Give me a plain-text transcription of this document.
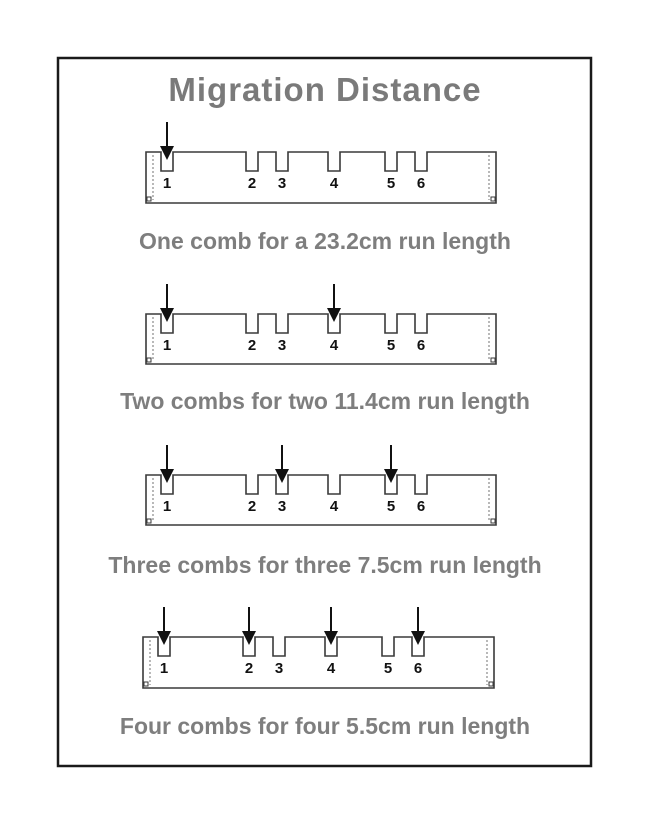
Migration Distance
1	2 3	4	5 6
One comb for a 23.2cm run length
1	2 3	4	5 6
Two combs for two 11.4cm run length
1	2 3	4	5 6
Three combs for three 7.5cm run length
1	2 3	4	5 6
Four combs for four 5.5cm run length
